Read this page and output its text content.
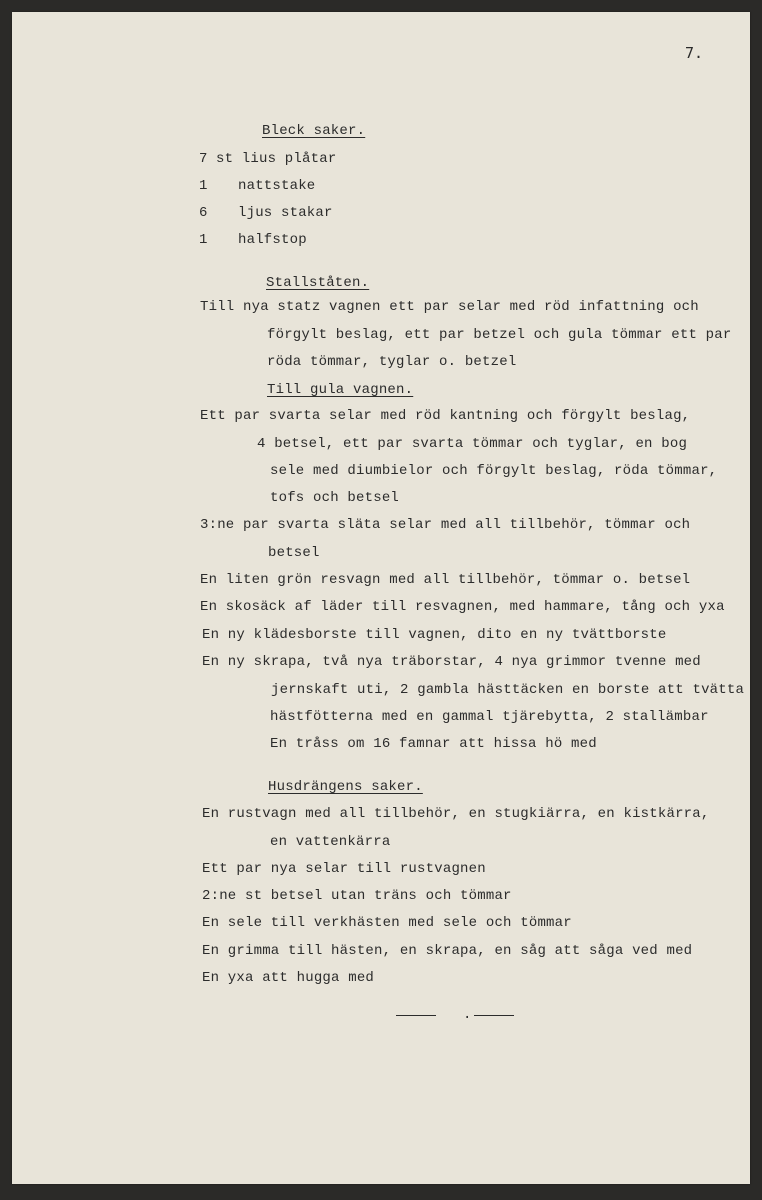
7.
Bleck saker.
7 st lius plåtar
1 nattstake
6 ljus stakar
1 halfstop
Stallståten.
Till nya statz vagnen ett par selar med röd infattning och
förgylt beslag, ett par betzel och gula tömmar ett par
röda tömmar, tyglar o. betzel
Till gula vagnen.
Ett par svarta selar med röd kantning och förgylt beslag,
4 betsel, ett par svarta tömmar och tyglar, en bog
sele med diumbielor och förgylt beslag, röda tömmar,
tofs och betsel
3:ne par svarta släta selar med all tillbehör, tömmar och
betsel
En liten grön resvagn med all tillbehör, tömmar o. betsel
En skosäck af läder till resvagnen, med hammare, tång och yxa
En ny klädesborste till vagnen, dito en ny tvättborste
En ny skrapa, två nya träborstar, 4 nya grimmor tvenne med
jernskaft uti, 2 gambla hästtäcken en borste att tvätta
hästfötterna med en gammal tjärebytta, 2 stallämbar
En tråss om 16 famnar att hissa hö med
Husdrängens saker.
En rustvagn med all tillbehör, en stugkiärra, en kistkärra,
en vattenkärra
Ett par nya selar till rustvagnen
2:ne st betsel utan träns och tömmar
En sele till verkhästen med sele och tömmar
En grimma till hästen, en skrapa, en såg att såga ved med
En yxa att hugga med
.
